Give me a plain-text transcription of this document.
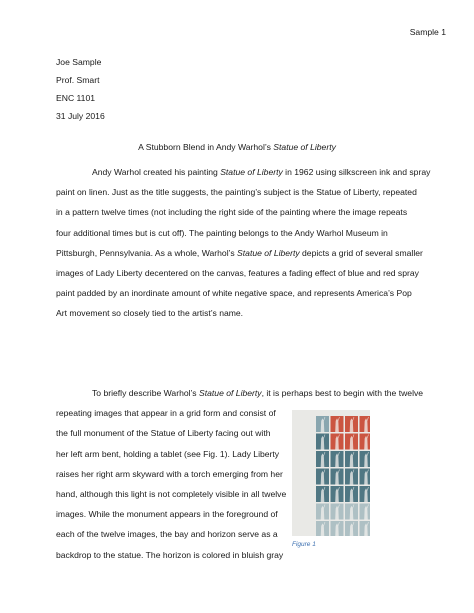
Sample 1
Joe Sample
Prof. Smart
ENC 1101
31 July 2016
A Stubborn Blend in Andy Warhol’s Statue of Liberty
Andy Warhol created his painting Statue of Liberty in 1962 using silkscreen ink and spray
paint on linen. Just as the title suggests, the painting’s subject is the Statue of Liberty, repeated
in a pattern twelve times (not including the right side of the painting where the image repeats
four additional times but is cut off). The painting belongs to the Andy Warhol Museum in
Pittsburgh, Pennsylvania. As a whole, Warhol’s Statue of Liberty depicts a grid of several smaller
images of Lady Liberty decentered on the canvas, features a fading effect of blue and red spray
paint padded by an inordinate amount of white negative space, and represents America’s Pop
Art movement so closely tied to the artist’s name.
To briefly describe Warhol’s Statue of Liberty, it is perhaps best to begin with the twelve
repeating images that appear in a grid form and consist of
the full monument of the Statue of Liberty facing out with
her left arm bent, holding a tablet (see Fig. 1). Lady Liberty
raises her right arm skyward with a torch emerging from her
hand, although this light is not completely visible in all twelve
images. While the monument appears in the foreground of
each of the twelve images, the bay and horizon serve as a
backdrop to the statue. The horizon is colored in bluish gray
Figure 1
